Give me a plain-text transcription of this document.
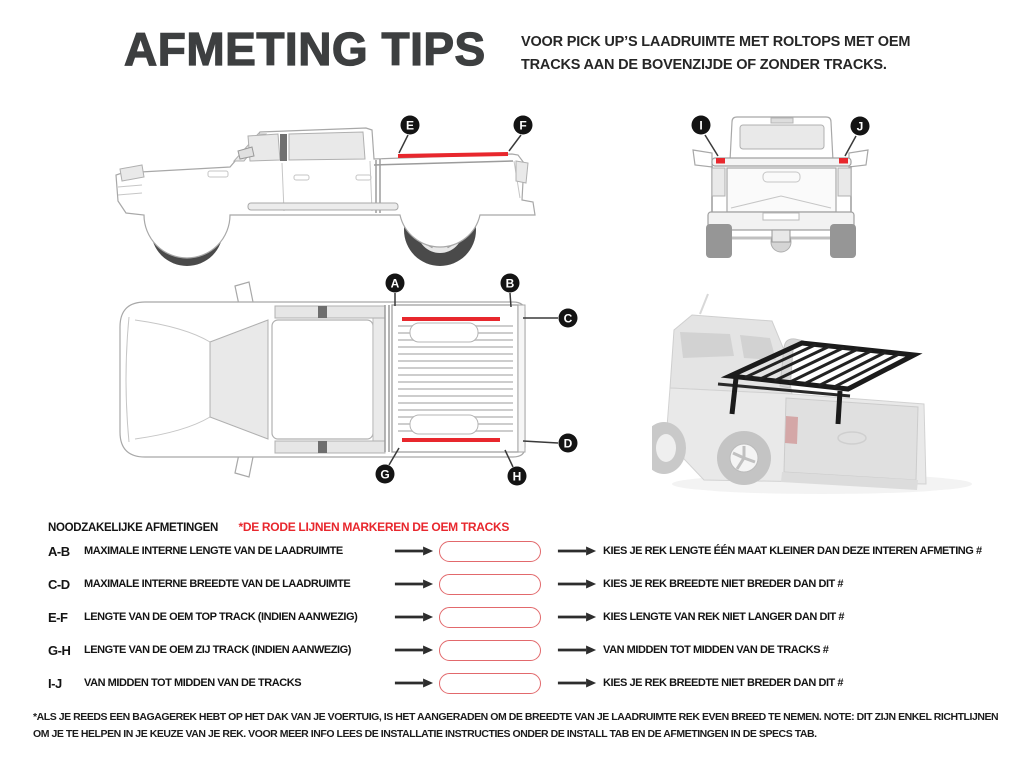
AFMETING TIPS VOOR PICK UP’S LAADRUIMTE MET ROLTOPS MET OEM TRACKS AAN DE BOVENZIJDE OF ZONDER TRACKS.
E	F	I	J
A	B
C
D
G	H
NOODZAKELIJKE AFMETINGEN *DE RODE LIJNEN MARKEREN DE OEM TRACKS
A-B	MAXIMALE INTERNE LENGTE VAN DE LAADRUIMTE	KIES JE REK LENGTE ÉÉN MAAT KLEINER DAN DEZE INTEREN AFMETING #
C-D	MAXIMALE INTERNE BREEDTE VAN DE LAADRUIMTE	KIES JE REK BREEDTE NIET BREDER DAN DIT #
E-F	LENGTE VAN DE OEM TOP TRACK (INDIEN AANWEZIG)	KIES LENGTE VAN REK NIET LANGER DAN DIT #
G-H	LENGTE VAN DE OEM ZIJ TRACK (INDIEN AANWEZIG)	VAN MIDDEN TOT MIDDEN VAN DE TRACKS #
I-J	VAN MIDDEN TOT MIDDEN VAN DE TRACKS	KIES JE REK BREEDTE NIET BREDER DAN DIT #
*ALS JE REEDS EEN BAGAGEREK HEBT OP HET DAK VAN JE VOERTUIG, IS HET AANGERADEN OM DE BREEDTE VAN JE LAADRUIMTE REK EVEN BREED TE NEMEN. NOTE: DIT ZIJN ENKEL RICHTLIJNEN OM JE TE HELPEN IN JE KEUZE VAN JE REK. VOOR MEER INFO LEES DE INSTALLATIE INSTRUCTIES ONDER DE INSTALL TAB EN DE AFMETINGEN IN DE SPECS TAB.
